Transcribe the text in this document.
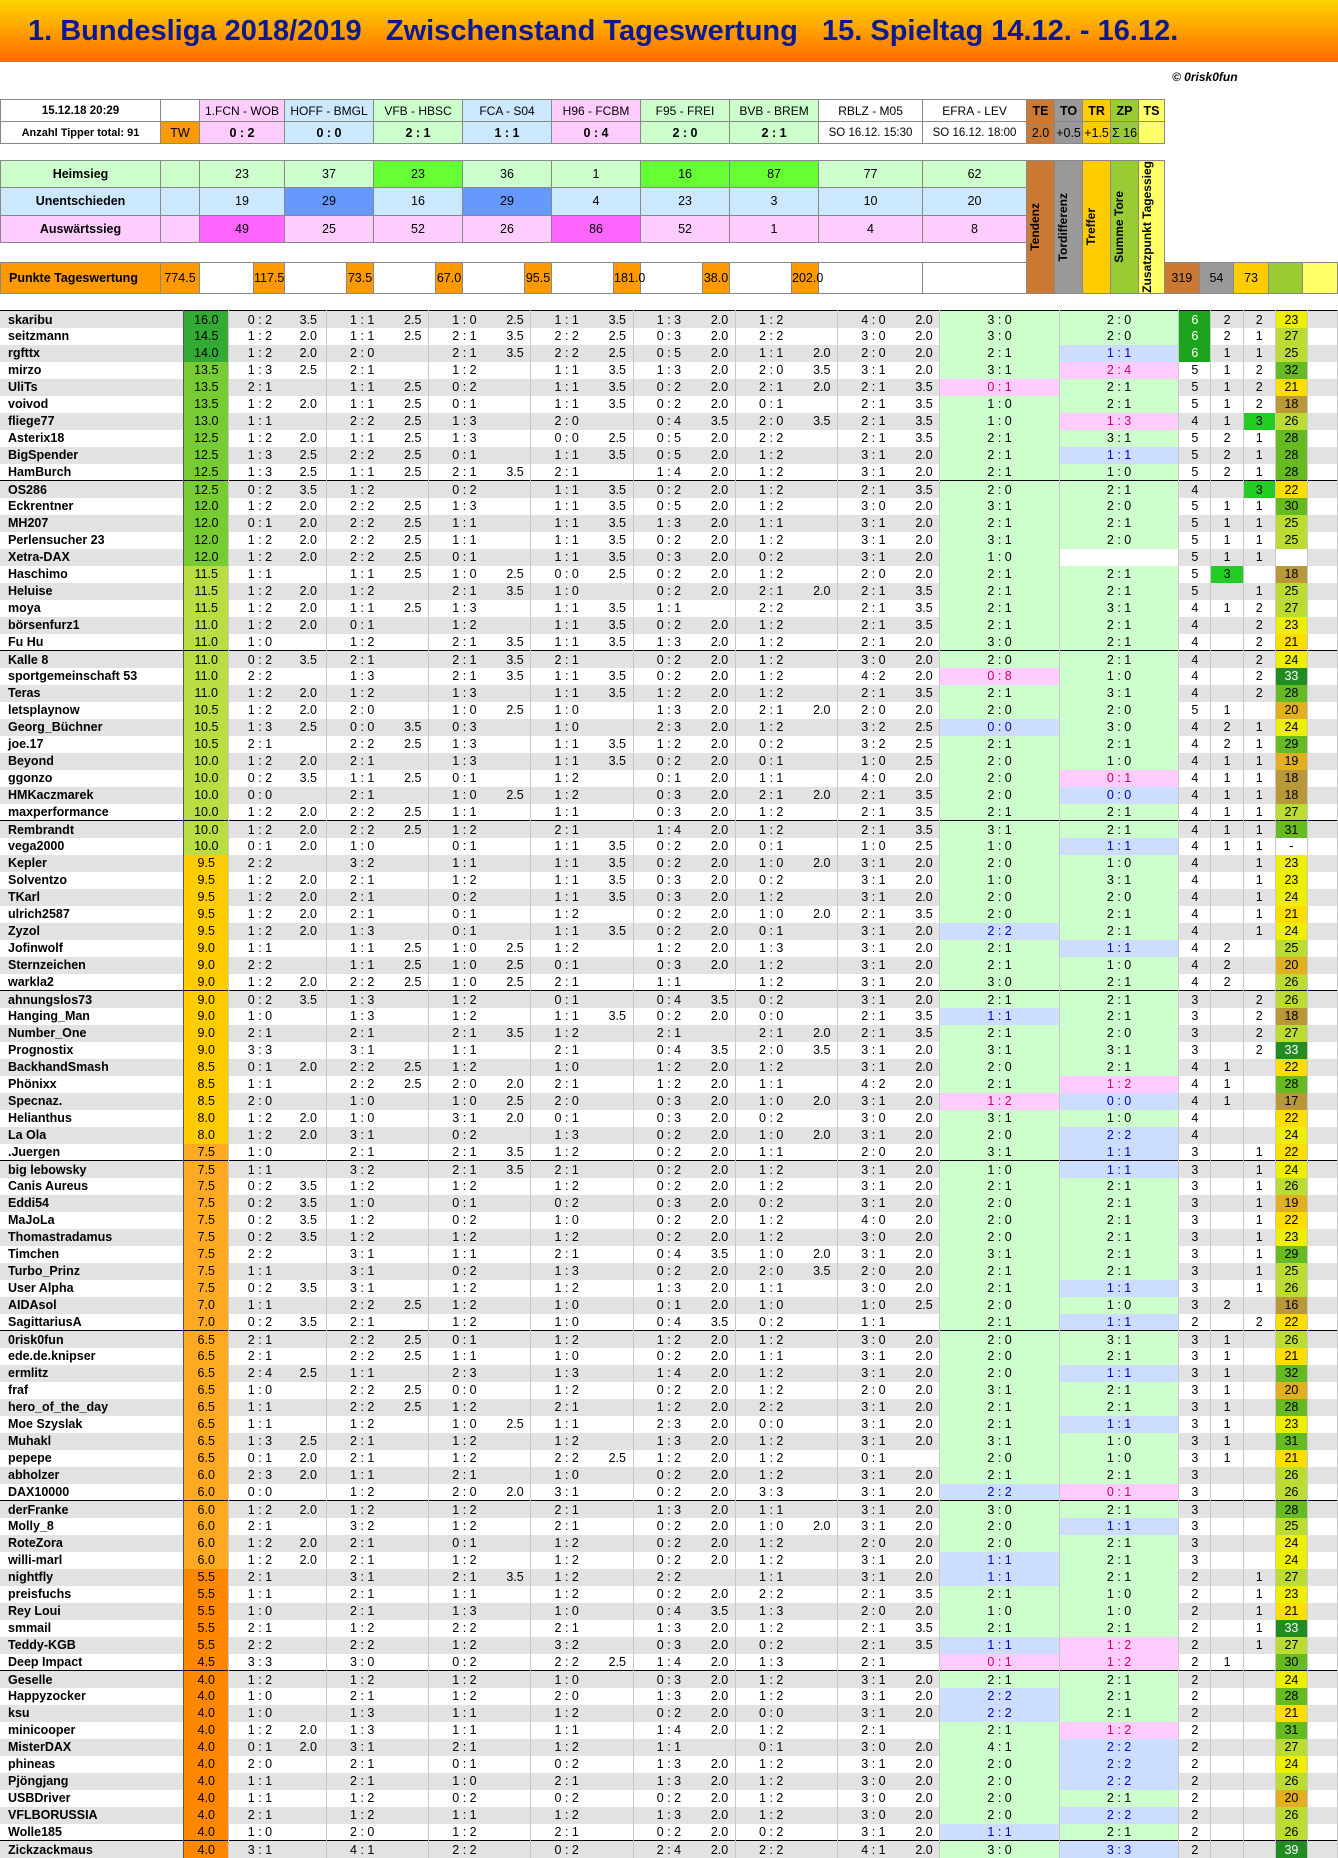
1. Bundesliga 2018/2019   Zwischenstand Tageswertung   15. Spieltag 14.12. - 16.12.
© 0risk0fun
15.12.18 20:29		1.FCN - WOB		HOFF - BMGL		VFB - HBSC		FCA - S04		H96 - FCBM		F95 - FREI		BVB - BREM		RBLZ - M05	EFRA - LEV	TE	TO	TR	ZP	TS					
Anzahl Tipper total: 91	TW	0 : 2		0 : 0		2 : 1		1 : 1		0 : 4		2 : 0		2 : 1		SO 16.12. 15:30	SO 16.12. 18:00	2.0	+0.5	+1.5	Σ 16						

Heimsieg		23		37		23		36		1		16		87		77	62	Tendenz	Tordifferenz	Treffer	Summe Tore	Zusatzpunkt Tagessieg					

Unentschieden		19		29		16		29		4		23		3		10	20										
Auswärtssieg		49		25		52		26		86		52		1		4	8										

Punkte Tageswertung	774.5		117.5		73.5		67.0		95.5		181.0		38.0		202.0								319	54	73		

skaribu	16.0	0 : 2	3.5	1 : 1	2.5	1 : 0	2.5	1 : 1	3.5	1 : 3	2.0	1 : 2		4 : 0	2.0	3 : 0	2 : 0	6	2	2	23	
seitzmann	14.5	1 : 2	2.0	1 : 1	2.5	2 : 1	3.5	2 : 2	2.5	0 : 3	2.0	2 : 2		3 : 0	2.0	3 : 0	2 : 0	6	2	1	27	
rgfttx	14.0	1 : 2	2.0	2 : 0		2 : 1	3.5	2 : 2	2.5	0 : 5	2.0	1 : 1	2.0	2 : 0	2.0	2 : 1	1 : 1	6	1	1	25	
mirzo	13.5	1 : 3	2.5	2 : 1		1 : 2		1 : 1	3.5	1 : 3	2.0	2 : 0	3.5	3 : 1	2.0	3 : 1	2 : 4	5	1	2	32	
UliTs	13.5	2 : 1		1 : 1	2.5	0 : 2		1 : 1	3.5	0 : 2	2.0	2 : 1	2.0	2 : 1	3.5	0 : 1	2 : 1	5	1	2	21	
voivod	13.5	1 : 2	2.0	1 : 1	2.5	0 : 1		1 : 1	3.5	0 : 2	2.0	0 : 1		2 : 1	3.5	1 : 0	2 : 1	5	1	2	18	
fliege77	13.0	1 : 1		2 : 2	2.5	1 : 3		2 : 0		0 : 4	3.5	2 : 0	3.5	2 : 1	3.5	1 : 0	1 : 3	4	1	3	26	
Asterix18	12.5	1 : 2	2.0	1 : 1	2.5	1 : 3		0 : 0	2.5	0 : 5	2.0	2 : 2		2 : 1	3.5	2 : 1	3 : 1	5	2	1	28	
BigSpender	12.5	1 : 3	2.5	2 : 2	2.5	0 : 1		1 : 1	3.5	0 : 5	2.0	1 : 2		3 : 1	2.0	2 : 1	1 : 1	5	2	1	28	
HamBurch	12.5	1 : 3	2.5	1 : 1	2.5	2 : 1	3.5	2 : 1		1 : 4	2.0	1 : 2		3 : 1	2.0	2 : 1	1 : 0	5	2	1	28	
OS286	12.5	0 : 2	3.5	1 : 2		0 : 2		1 : 1	3.5	0 : 2	2.0	1 : 2		2 : 1	3.5	2 : 0	2 : 1	4		3	22	
Eckrentner	12.0	1 : 2	2.0	2 : 2	2.5	1 : 3		1 : 1	3.5	0 : 5	2.0	1 : 2		3 : 0	2.0	3 : 1	2 : 0	5	1	1	30	
MH207	12.0	0 : 1	2.0	2 : 2	2.5	1 : 1		1 : 1	3.5	1 : 3	2.0	1 : 1		3 : 1	2.0	2 : 1	2 : 1	5	1	1	25	
Perlensucher 23	12.0	1 : 2	2.0	2 : 2	2.5	1 : 1		1 : 1	3.5	0 : 2	2.0	1 : 2		3 : 1	2.0	3 : 1	2 : 0	5	1	1	25	
Xetra-DAX	12.0	1 : 2	2.0	2 : 2	2.5	0 : 1		1 : 1	3.5	0 : 3	2.0	0 : 2		3 : 1	2.0	1 : 0		5	1	1		
Haschimo	11.5	1 : 1		1 : 1	2.5	1 : 0	2.5	0 : 0	2.5	0 : 2	2.0	1 : 2		2 : 0	2.0	2 : 1	2 : 1	5	3		18	
Heluise	11.5	1 : 2	2.0	1 : 2		2 : 1	3.5	1 : 0		0 : 2	2.0	2 : 1	2.0	2 : 1	3.5	2 : 1	2 : 1	5		1	25	
moya	11.5	1 : 2	2.0	1 : 1	2.5	1 : 3		1 : 1	3.5	1 : 1		2 : 2		2 : 1	3.5	2 : 1	3 : 1	4	1	2	27	
börsenfurz1	11.0	1 : 2	2.0	0 : 1		1 : 2		1 : 1	3.5	0 : 2	2.0	1 : 2		2 : 1	3.5	2 : 1	2 : 1	4		2	23	
Fu Hu	11.0	1 : 0		1 : 2		2 : 1	3.5	1 : 1	3.5	1 : 3	2.0	1 : 2		2 : 1	2.0	3 : 0	2 : 1	4		2	21	
Kalle 8	11.0	0 : 2	3.5	2 : 1		2 : 1	3.5	2 : 1		0 : 2	2.0	1 : 2		3 : 0	2.0	2 : 0	2 : 1	4		2	24	
sportgemeinschaft 53	11.0	2 : 2		1 : 3		2 : 1	3.5	1 : 1	3.5	0 : 2	2.0	1 : 2		4 : 2	2.0	0 : 8	1 : 0	4		2	33	
Teras	11.0	1 : 2	2.0	1 : 2		1 : 3		1 : 1	3.5	1 : 2	2.0	1 : 2		2 : 1	3.5	2 : 1	3 : 1	4		2	28	
letsplaynow	10.5	1 : 2	2.0	2 : 0		1 : 0	2.5	1 : 0		1 : 3	2.0	2 : 1	2.0	2 : 0	2.0	2 : 0	2 : 0	5	1		20	
Georg_Büchner	10.5	1 : 3	2.5	0 : 0	3.5	0 : 3		1 : 0		2 : 3	2.0	1 : 2		3 : 2	2.5	0 : 0	3 : 0	4	2	1	24	
joe.17	10.5	2 : 1		2 : 2	2.5	1 : 3		1 : 1	3.5	1 : 2	2.0	0 : 2		3 : 2	2.5	2 : 1	2 : 1	4	2	1	29	
Beyond	10.0	1 : 2	2.0	2 : 1		1 : 3		1 : 1	3.5	0 : 2	2.0	0 : 1		1 : 0	2.5	2 : 0	1 : 0	4	1	1	19	
ggonzo	10.0	0 : 2	3.5	1 : 1	2.5	0 : 1		1 : 2		0 : 1	2.0	1 : 1		4 : 0	2.0	2 : 0	0 : 1	4	1	1	18	
HMKaczmarek	10.0	0 : 0		2 : 1		1 : 0	2.5	1 : 2		0 : 3	2.0	2 : 1	2.0	2 : 1	3.5	2 : 0	0 : 0	4	1	1	18	
maxperformance	10.0	1 : 2	2.0	2 : 2	2.5	1 : 1		1 : 1		0 : 3	2.0	1 : 2		2 : 1	3.5	2 : 1	2 : 1	4	1	1	27	
Rembrandt	10.0	1 : 2	2.0	2 : 2	2.5	1 : 2		2 : 1		1 : 4	2.0	1 : 2		2 : 1	3.5	3 : 1	2 : 1	4	1	1	31	
vega2000	10.0	0 : 1	2.0	1 : 0		0 : 1		1 : 1	3.5	0 : 2	2.0	0 : 1		1 : 0	2.5	1 : 0	1 : 1	4	1	1	-	
Kepler	9.5	2 : 2		3 : 2		1 : 1		1 : 1	3.5	0 : 2	2.0	1 : 0	2.0	3 : 1	2.0	2 : 0	1 : 0	4		1	23	
Solventzo	9.5	1 : 2	2.0	2 : 1		1 : 2		1 : 1	3.5	0 : 3	2.0	0 : 2		3 : 1	2.0	1 : 0	3 : 1	4		1	23	
TKarl	9.5	1 : 2	2.0	2 : 1		0 : 2		1 : 1	3.5	0 : 3	2.0	1 : 2		3 : 1	2.0	2 : 0	2 : 0	4		1	24	
ulrich2587	9.5	1 : 2	2.0	2 : 1		0 : 1		1 : 2		0 : 2	2.0	1 : 0	2.0	2 : 1	3.5	2 : 0	2 : 1	4		1	21	
Zyzol	9.5	1 : 2	2.0	1 : 3		0 : 1		1 : 1	3.5	0 : 2	2.0	0 : 1		3 : 1	2.0	2 : 2	2 : 1	4		1	24	
Jofinwolf	9.0	1 : 1		1 : 1	2.5	1 : 0	2.5	1 : 2		1 : 2	2.0	1 : 3		3 : 1	2.0	2 : 1	1 : 1	4	2		25	
Sternzeichen	9.0	2 : 2		1 : 1	2.5	1 : 0	2.5	0 : 1		0 : 3	2.0	1 : 2		3 : 1	2.0	2 : 1	1 : 0	4	2		20	
warkla2	9.0	1 : 2	2.0	2 : 2	2.5	1 : 0	2.5	2 : 1		1 : 1		1 : 2		3 : 1	2.0	3 : 0	2 : 1	4	2		26	
ahnungslos73	9.0	0 : 2	3.5	1 : 3		1 : 2		0 : 1		0 : 4	3.5	0 : 2		3 : 1	2.0	2 : 1	2 : 1	3		2	26	
Hanging_Man	9.0	1 : 0		1 : 3		1 : 2		1 : 1	3.5	0 : 2	2.0	0 : 0		2 : 1	3.5	1 : 1	2 : 1	3		2	18	
Number_One	9.0	2 : 1		2 : 1		2 : 1	3.5	1 : 2		2 : 1		2 : 1	2.0	2 : 1	3.5	2 : 1	2 : 0	3		2	27	
Prognostix	9.0	3 : 3		3 : 1		1 : 1		2 : 1		0 : 4	3.5	2 : 0	3.5	3 : 1	2.0	3 : 1	3 : 1	3		2	33	
BackhandSmash	8.5	0 : 1	2.0	2 : 2	2.5	1 : 2		1 : 0		1 : 2	2.0	1 : 2		3 : 1	2.0	2 : 0	2 : 1	4	1		22	
Phönixx	8.5	1 : 1		2 : 2	2.5	2 : 0	2.0	2 : 1		1 : 2	2.0	1 : 1		4 : 2	2.0	2 : 1	1 : 2	4	1		28	
Specnaz.	8.5	2 : 0		1 : 0		1 : 0	2.5	2 : 0		0 : 3	2.0	1 : 0	2.0	3 : 1	2.0	1 : 2	0 : 0	4	1		17	
Helianthus	8.0	1 : 2	2.0	1 : 0		3 : 1	2.0	0 : 1		0 : 3	2.0	0 : 2		3 : 0	2.0	3 : 1	1 : 0	4			22	
La Ola	8.0	1 : 2	2.0	3 : 1		0 : 2		1 : 3		0 : 2	2.0	1 : 0	2.0	3 : 1	2.0	2 : 0	2 : 2	4			24	
.Juergen	7.5	1 : 0		2 : 1		2 : 1	3.5	1 : 2		0 : 2	2.0	1 : 1		2 : 0	2.0	3 : 1	1 : 1	3		1	22	
big lebowsky	7.5	1 : 1		3 : 2		2 : 1	3.5	2 : 1		0 : 2	2.0	1 : 2		3 : 1	2.0	1 : 0	1 : 1	3		1	24	
Canis Aureus	7.5	0 : 2	3.5	1 : 2		1 : 2		1 : 2		0 : 2	2.0	1 : 2		3 : 1	2.0	2 : 1	2 : 1	3		1	26	
Eddi54	7.5	0 : 2	3.5	1 : 0		0 : 1		0 : 2		0 : 3	2.0	0 : 2		3 : 1	2.0	2 : 0	2 : 1	3		1	19	
MaJoLa	7.5	0 : 2	3.5	1 : 2		0 : 2		1 : 0		0 : 2	2.0	1 : 2		4 : 0	2.0	2 : 0	2 : 1	3		1	22	
Thomastradamus	7.5	0 : 2	3.5	1 : 2		1 : 2		1 : 2		0 : 2	2.0	1 : 2		3 : 0	2.0	2 : 0	2 : 1	3		1	23	
Timchen	7.5	2 : 2		3 : 1		1 : 1		2 : 1		0 : 4	3.5	1 : 0	2.0	3 : 1	2.0	3 : 1	2 : 1	3		1	29	
Turbo_Prinz	7.5	1 : 1		3 : 1		0 : 2		1 : 3		0 : 2	2.0	2 : 0	3.5	2 : 0	2.0	2 : 1	2 : 1	3		1	25	
User Alpha	7.5	0 : 2	3.5	3 : 1		1 : 2		1 : 2		1 : 3	2.0	1 : 1		3 : 0	2.0	2 : 1	1 : 1	3		1	26	
AIDAsol	7.0	1 : 1		2 : 2	2.5	1 : 2		1 : 0		0 : 1	2.0	1 : 0		1 : 0	2.5	2 : 0	1 : 0	3	2		16	
SagittariusA	7.0	0 : 2	3.5	2 : 1		1 : 2		1 : 0		0 : 4	3.5	0 : 2		1 : 1		2 : 1	1 : 1	2		2	22	
0risk0fun	6.5	2 : 1		2 : 2	2.5	0 : 1		1 : 2		1 : 2	2.0	1 : 2		3 : 0	2.0	2 : 0	3 : 1	3	1		26	
ede.de.knipser	6.5	2 : 1		2 : 2	2.5	1 : 1		1 : 0		0 : 2	2.0	1 : 1		3 : 1	2.0	2 : 0	2 : 1	3	1		21	
ermlitz	6.5	2 : 4	2.5	1 : 1		2 : 3		1 : 3		1 : 4	2.0	1 : 2		3 : 1	2.0	2 : 0	1 : 1	3	1		32	
fraf	6.5	1 : 0		2 : 2	2.5	0 : 0		1 : 2		0 : 2	2.0	1 : 2		2 : 0	2.0	3 : 1	2 : 1	3	1		20	
hero_of_the_day	6.5	1 : 1		2 : 2	2.5	1 : 2		2 : 1		1 : 2	2.0	2 : 2		3 : 1	2.0	2 : 1	2 : 1	3	1		28	
Moe Szyslak	6.5	1 : 1		1 : 2		1 : 0	2.5	1 : 1		2 : 3	2.0	0 : 0		3 : 1	2.0	2 : 1	1 : 1	3	1		23	
Muhakl	6.5	1 : 3	2.5	2 : 1		1 : 2		1 : 2		1 : 3	2.0	1 : 2		3 : 1	2.0	3 : 1	1 : 0	3	1		31	
pepepe	6.5	0 : 1	2.0	2 : 1		1 : 2		2 : 2	2.5	1 : 2	2.0	1 : 2		0 : 1		2 : 0	1 : 0	3	1		21	
abholzer	6.0	2 : 3	2.0	1 : 1		2 : 1		1 : 0		0 : 2	2.0	1 : 2		3 : 1	2.0	2 : 1	2 : 1	3			26	
DAX10000	6.0	0 : 0		1 : 2		2 : 0	2.0	3 : 1		0 : 2	2.0	3 : 3		3 : 1	2.0	2 : 2	0 : 1	3			26	
derFranke	6.0	1 : 2	2.0	1 : 2		1 : 2		2 : 1		1 : 3	2.0	1 : 1		3 : 1	2.0	3 : 0	2 : 1	3			28	
Molly_8	6.0	2 : 1		3 : 2		1 : 2		2 : 1		0 : 2	2.0	1 : 0	2.0	3 : 1	2.0	2 : 0	1 : 1	3			25	
RoteZora	6.0	1 : 2	2.0	2 : 1		0 : 1		1 : 2		0 : 2	2.0	1 : 2		2 : 0	2.0	2 : 0	2 : 1	3			24	
willi-marl	6.0	1 : 2	2.0	2 : 1		1 : 2		1 : 2		0 : 2	2.0	1 : 2		3 : 1	2.0	1 : 1	2 : 1	3			24	
nightfly	5.5	2 : 1		3 : 1		2 : 1	3.5	1 : 2		2 : 2		1 : 1		3 : 1	2.0	1 : 1	2 : 1	2		1	27	
preisfuchs	5.5	1 : 1		2 : 1		1 : 1		1 : 2		0 : 2	2.0	2 : 2		2 : 1	3.5	2 : 1	1 : 0	2		1	23	
Rey Loui	5.5	1 : 0		2 : 1		1 : 3		1 : 0		0 : 4	3.5	1 : 3		2 : 0	2.0	1 : 0	1 : 0	2		1	21	
smmail	5.5	2 : 1		1 : 2		2 : 2		2 : 1		1 : 3	2.0	1 : 2		2 : 1	3.5	2 : 1	2 : 1	2		1	33	
Teddy-KGB	5.5	2 : 2		2 : 2		1 : 2		3 : 2		0 : 3	2.0	0 : 2		2 : 1	3.5	1 : 1	1 : 2	2		1	27	
Deep Impact	4.5	3 : 3		3 : 0		0 : 2		2 : 2	2.5	1 : 4	2.0	1 : 3		2 : 1		0 : 1	1 : 2	2	1		30	
Geselle	4.0	1 : 2		1 : 2		1 : 2		1 : 0		0 : 3	2.0	1 : 2		3 : 1	2.0	2 : 1	2 : 1	2			24	
Happyzocker	4.0	1 : 0		2 : 1		1 : 2		2 : 0		1 : 3	2.0	1 : 2		3 : 1	2.0	2 : 2	2 : 1	2			28	
ksu	4.0	1 : 0		1 : 3		1 : 1		1 : 2		0 : 2	2.0	0 : 0		3 : 1	2.0	2 : 2	2 : 1	2			21	
minicooper	4.0	1 : 2	2.0	1 : 3		1 : 1		1 : 1		1 : 4	2.0	1 : 2		2 : 1		2 : 1	1 : 2	2			31	
MisterDAX	4.0	0 : 1	2.0	3 : 1		2 : 1		1 : 2		1 : 1		0 : 1		3 : 0	2.0	4 : 1	2 : 2	2			27	
phineas	4.0	2 : 0		2 : 1		0 : 1		0 : 2		1 : 3	2.0	1 : 2		3 : 1	2.0	2 : 0	2 : 2	2			24	
Pjöngjang	4.0	1 : 1		2 : 1		1 : 0		2 : 1		1 : 3	2.0	1 : 2		3 : 0	2.0	2 : 0	2 : 2	2			26	
USBDriver	4.0	1 : 1		1 : 2		0 : 2		0 : 2		0 : 2	2.0	1 : 2		3 : 0	2.0	2 : 0	2 : 1	2			20	
VFLBORUSSIA	4.0	2 : 1		1 : 2		1 : 1		1 : 2		1 : 3	2.0	1 : 2		3 : 0	2.0	2 : 0	2 : 2	2			26	
Wolle185	4.0	1 : 0		2 : 0		1 : 2		2 : 1		0 : 2	2.0	0 : 2		3 : 1	2.0	1 : 1	2 : 1	2			26	
Zickzackmaus	4.0	3 : 1		4 : 1		2 : 2		0 : 2		2 : 4	2.0	2 : 2		4 : 1	2.0	3 : 0	3 : 3	2			39	
